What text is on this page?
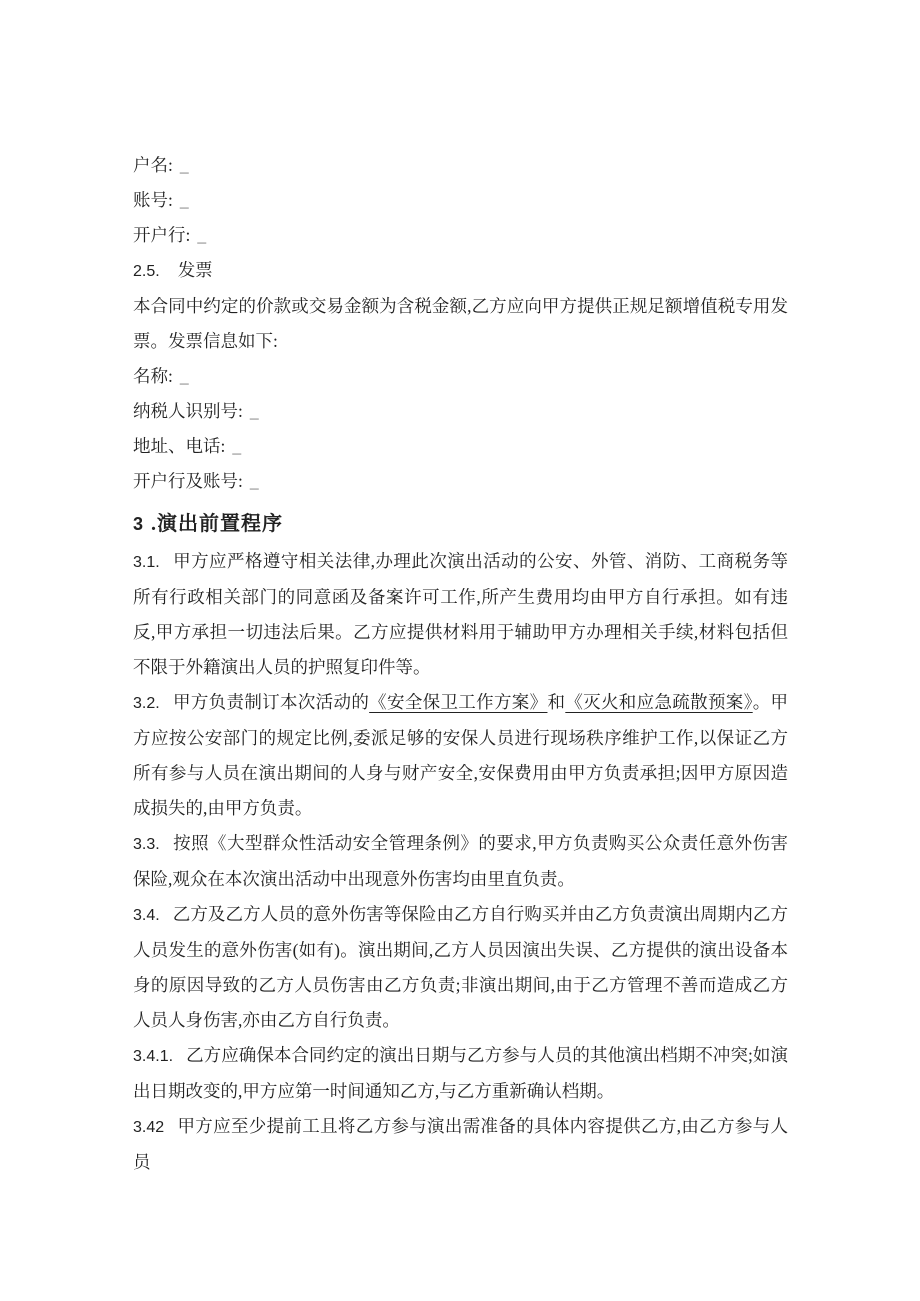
户名: _

账号: _

开户行: _

2.5. 发票

本合同中约定的价款或交易金额为含税金额,乙方应向甲方提供正规足额增值税专用发票。发票信息如下:

名称: _

纳税人识别号: _

地址、电话: _

开户行及账号: _

3 .演出前置程序

3.1. 甲方应严格遵守相关法律,办理此次演出活动的公安、外管、消防、工商税务等所有行政相关部门的同意函及备案许可工作,所产生费用均由甲方自行承担。如有违反,甲方承担一切违法后果。乙方应提供材料用于辅助甲方办理相关手续,材料包括但不限于外籍演出人员的护照复印件等。

3.2. 甲方负责制订本次活动的《安全保卫工作方案》和《灭火和应急疏散预案》。甲方应按公安部门的规定比例,委派足够的安保人员进行现场秩序维护工作,以保证乙方所有参与人员在演出期间的人身与财产安全,安保费用由甲方负责承担;因甲方原因造成损失的,由甲方负责。

3.3. 按照《大型群众性活动安全管理条例》的要求,甲方负责购买公众责任意外伤害保险,观众在本次演出活动中出现意外伤害均由里直负责。

3.4. 乙方及乙方人员的意外伤害等保险由乙方自行购买并由乙方负责演出周期内乙方人员发生的意外伤害(如有)。演出期间,乙方人员因演出失误、乙方提供的演出设备本身的原因导致的乙方人员伤害由乙方负责;非演出期间,由于乙方管理不善而造成乙方人员人身伤害,亦由乙方自行负责。

3.4.1. 乙方应确保本合同约定的演出日期与乙方参与人员的其他演出档期不冲突;如演出日期改变的,甲方应第一时间通知乙方,与乙方重新确认档期。

3.42 甲方应至少提前工且将乙方参与演出需准备的具体内容提供乙方,由乙方参与人员
